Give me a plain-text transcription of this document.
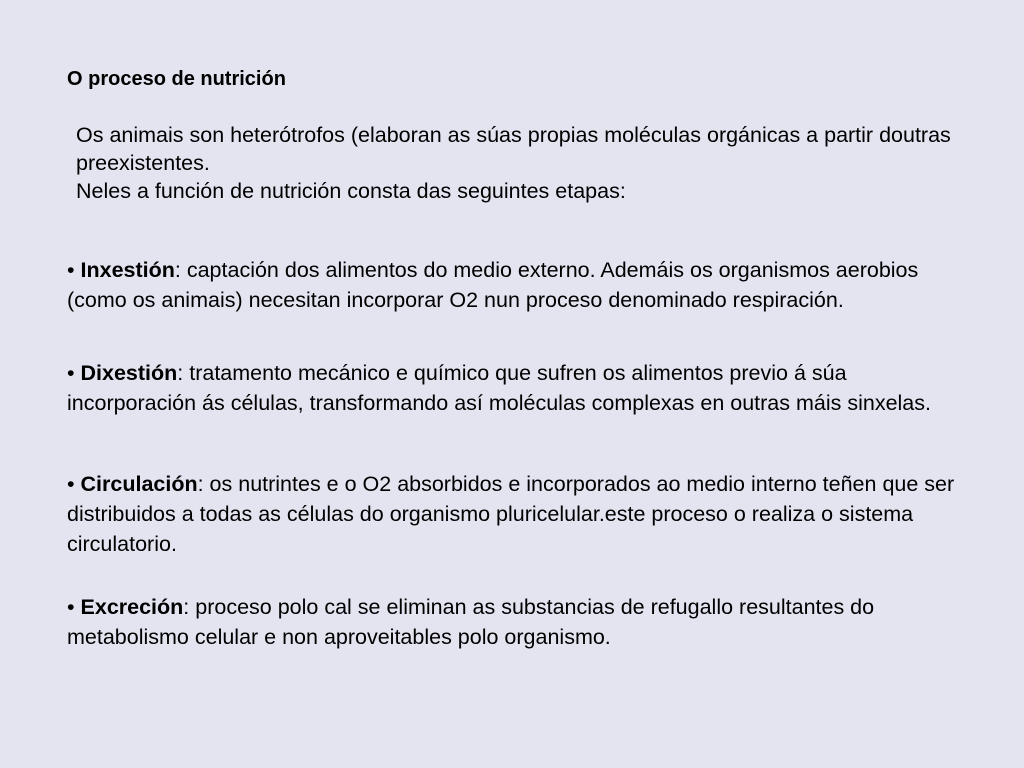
O proceso de nutrición

Os animais son heterótrofos (elaboran as súas propias moléculas orgánicas a partir doutras preexistentes.

Neles a función de nutrición consta das seguintes etapas:

• Inxestión: captación dos alimentos do medio externo. Ademáis os organismos aerobios (como os animais) necesitan incorporar O2 nun proceso denominado respiración.
• Dixestión: tratamento mecánico e químico que sufren os alimentos previo á súa incorporación ás células, transformando así moléculas complexas en outras máis sinxelas.
• Circulación: os nutrintes e o O2 absorbidos e incorporados ao medio interno teñen que ser distribuidos a todas as células do organismo pluricelular.este proceso o realiza o sistema circulatorio.
• Excreción: proceso polo cal se eliminan as substancias de refugallo resultantes do metabolismo celular e non aproveitables polo organismo.
